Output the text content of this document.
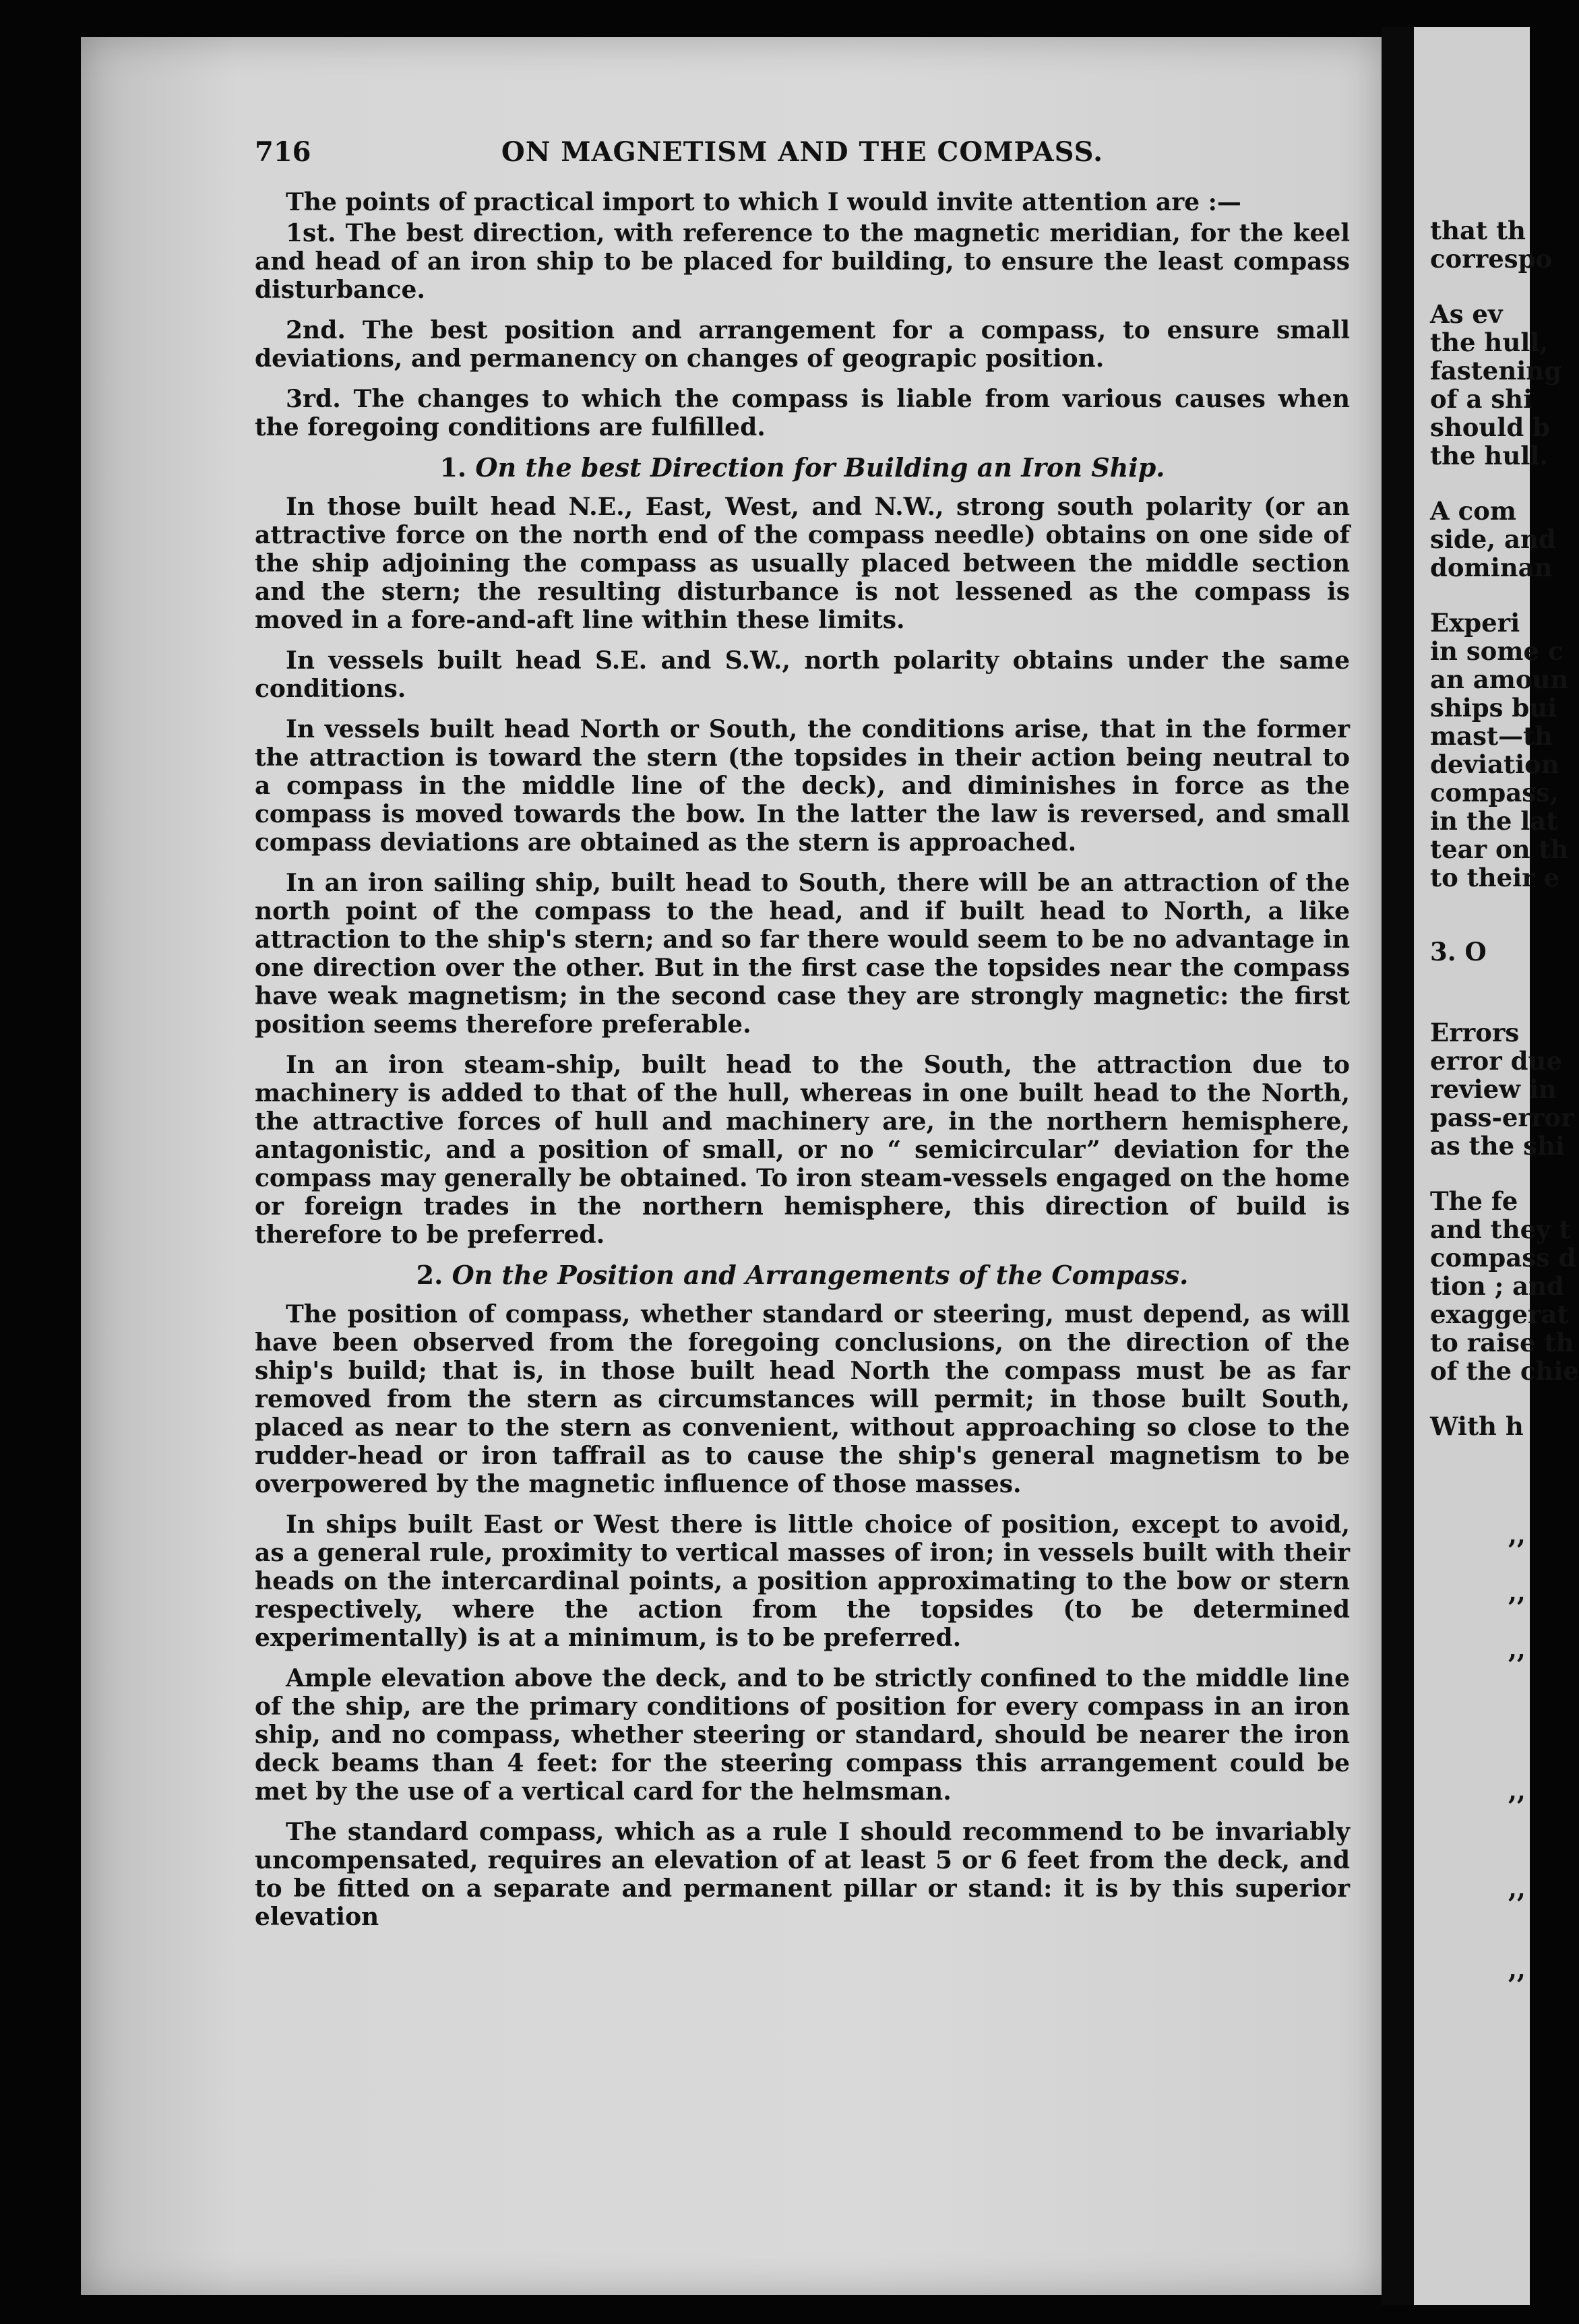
that th
correspo
As ev
the hull,
fastening
of a shi
should b
the hull.
A com
side, and
dominan
Experi
in some c
an amoun
ships bui
mast—th
deviation
compass,
in the lat
tear on th
to their e
3. O
Errors
error due
review in
pass-error
as the shi
The fe
and they t
compass d
tion ; and
exaggerat
to raise th
of the chie
With h
,,
,,
,,
,,
,,
,,
716	ON MAGNETISM AND THE COMPASS.

The points of practical import to which I would invite attention are :—

1st. The best direction, with reference to the magnetic meridian, for the keel and head of an iron ship to be placed for building, to ensure the least compass disturbance.

2nd. The best position and arrangement for a compass, to ensure small deviations, and permanency on changes of geograpic position.

3rd. The changes to which the compass is liable from various causes when the foregoing conditions are fulfilled.

1. On the best Direction for Building an Iron Ship.

In those built head N.E., East, West, and N.W., strong south polarity (or an attractive force on the north end of the compass needle) obtains on one side of the ship adjoining the compass as usually placed between the middle section and the stern; the resulting disturbance is not lessened as the compass is moved in a fore-and-aft line within these limits.

In vessels built head S.E. and S.W., north polarity obtains under the same conditions.

In vessels built head North or South, the conditions arise, that in the former the attraction is toward the stern (the topsides in their action being neutral to a compass in the middle line of the deck), and diminishes in force as the compass is moved towards the bow. In the latter the law is reversed, and small compass deviations are obtained as the stern is approached.

In an iron sailing ship, built head to South, there will be an attraction of the north point of the compass to the head, and if built head to North, a like attraction to the ship's stern; and so far there would seem to be no advantage in one direction over the other. But in the first case the topsides near the compass have weak magnetism; in the second case they are strongly magnetic: the first position seems therefore preferable.

In an iron steam-ship, built head to the South, the attraction due to machinery is added to that of the hull, whereas in one built head to the North, the attractive forces of hull and machinery are, in the northern hemisphere, antagonistic, and a position of small, or no “ semicircular” deviation for the compass may generally be obtained. To iron steam-vessels engaged on the home or foreign trades in the northern hemisphere, this direction of build is therefore to be preferred.

2. On the Position and Arrangements of the Compass.

The position of compass, whether standard or steering, must depend, as will have been observed from the foregoing conclusions, on the direction of the ship's build; that is, in those built head North the compass must be as far removed from the stern as circumstances will permit; in those built South, placed as near to the stern as convenient, without approaching so close to the rudder-head or iron taffrail as to cause the ship's general magnetism to be overpowered by the magnetic influence of those masses.

In ships built East or West there is little choice of position, except to avoid, as a general rule, proximity to vertical masses of iron; in vessels built with their heads on the intercardinal points, a position approximating to the bow or stern respectively, where the action from the topsides (to be determined experimentally) is at a minimum, is to be preferred.

Ample elevation above the deck, and to be strictly confined to the middle line of the ship, are the primary conditions of position for every compass in an iron ship, and no compass, whether steering or standard, should be nearer the iron deck beams than 4 feet: for the steering compass this arrangement could be met by the use of a vertical card for the helmsman.

The standard compass, which as a rule I should recommend to be invariably uncompensated, requires an elevation of at least 5 or 6 feet from the deck, and to be fitted on a separate and permanent pillar or stand: it is by this superior elevation
